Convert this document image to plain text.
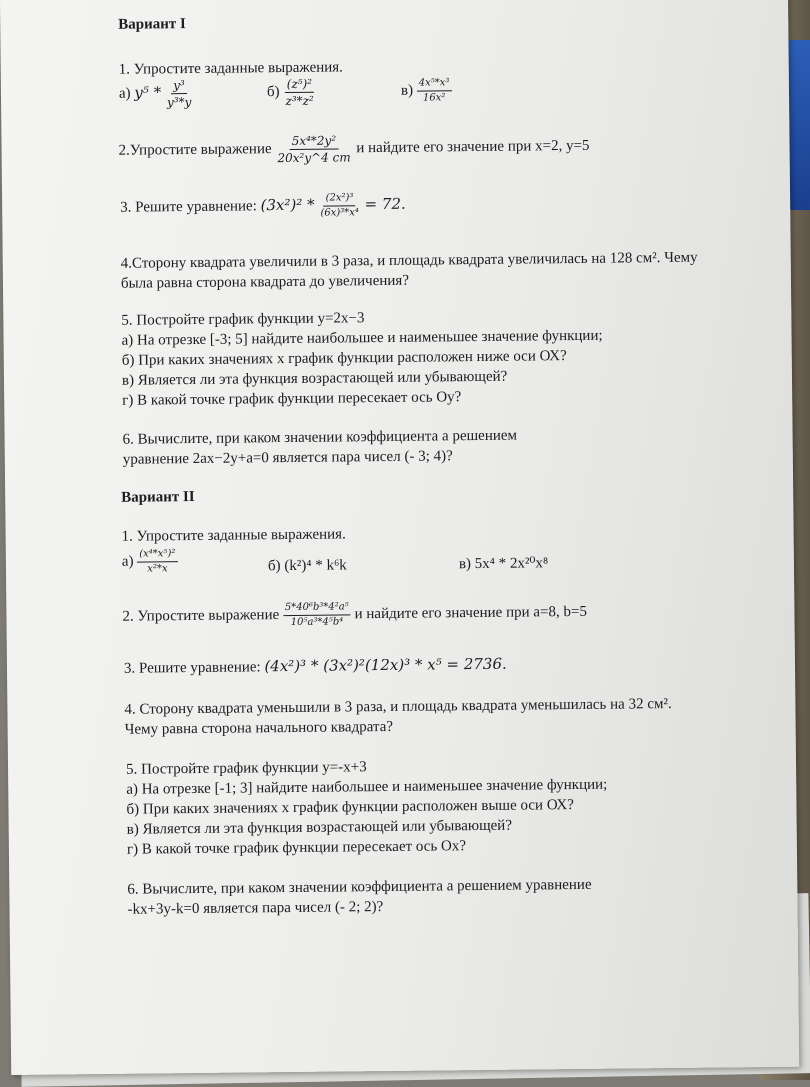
Вариант I
1. Упростите заданные выражения.
а) $y^5 * \frac{\text{y³}}{\text{y³*y}}$	$б) \frac{\text{(z⁵)²}}{\text{z³*z²}}$	$в) \frac{\text{4x⁵*x³}}{\text{16x²}}$
2.Упростите выражение $\frac{\text{5x⁴*2y²}}{\text{20x²y\textasciicircum{}4 ст}}$ и найдите его значение при х=2, у=5
3. Решите уравнение: $(3x^2)^2 * \frac{\text{(2x²)³}}{\text{(6x)³*x⁴}} = 72$.
4.Сторону квадрата увеличили в 3 раза, и площадь квадрата увеличилась на 128 см². Чему
была равна сторона квадрата до увеличения?
5. Постройте график функции у=2х−3
а) На отрезке [-3; 5] найдите наибольшее и наименьшее значение функции;
б) При каких значениях х график функции расположен ниже оси ОХ?
в) Является ли эта функция возрастающей или убывающей?
г) В какой точке график функции пересекает ось Оу?
6. Вычислите, при каком значении коэффициента а решением
уравнение 2ах−2у+а=0 является пара чисел (- 3; 4)?
Вариант II
1. Упростите заданные выражения.
$а) \frac{\text{(x⁴*x⁵)²}}{\text{x²*x}}$	б) (k²)⁴ * k⁶k	в) 5x⁴ * 2x²⁰x⁸
2. Упростите выражение $\frac{\text{5*40⁶b³*4²a⁵}}{\text{10⁵a³*4⁵b⁴}}$ и найдите его значение при а=8, b=5
3. Решите уравнение: (4x²)³ * (3x²)²(12x)³ * x⁵ = 2736.
4. Сторону квадрата уменьшили в 3 раза, и площадь квадрата уменьшилась на 32 см².
Чему равна сторона начального квадрата?
5. Постройте график функции у=-х+3
а) На отрезке [-1; 3] найдите наибольшее и наименьшее значение функции;
б) При каких значениях х график функции расположен выше оси ОХ?
в) Является ли эта функция возрастающей или убывающей?
г) В какой точке график функции пересекает ось Ох?
6. Вычислите, при каком значении коэффициента а решением уравнение
-kx+3y-k=0 является пара чисел (- 2; 2)?
